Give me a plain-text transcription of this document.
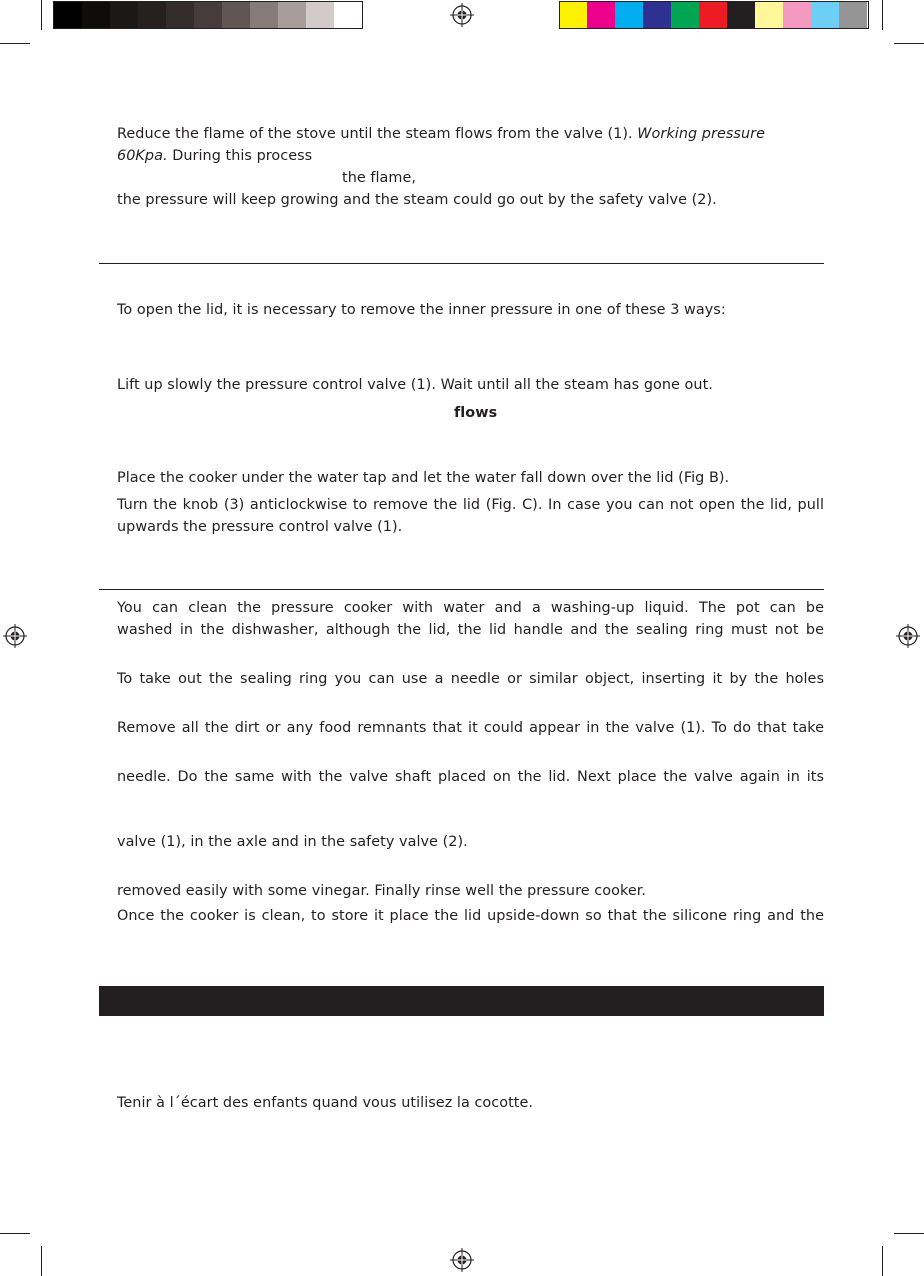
Reduce the flame of the stove until the steam flows from the valve (1). Working pressure
60Kpa. During this process
the flame,
the pressure will keep growing and the steam could go out by the safety valve (2).
To open the lid, it is necessary to remove the inner pressure in one of these 3 ways:
Lift up slowly the pressure control valve (1). Wait until all the steam has gone out.
flows
Place the cooker under the water tap and let the water fall down over the lid (Fig B).
Turn the knob (3) anticlockwise to remove the lid (Fig. C). In case you can not open the lid, pull
upwards the pressure control valve (1).
You can clean the pressure cooker with water and a washing-up liquid. The pot can be
washed in the dishwasher, although the lid, the lid handle and the sealing ring must not be
To take out the sealing ring you can use a needle or similar object, inserting it by the holes
Remove all the dirt or any food remnants that it could appear in the valve (1). To do that take
needle. Do the same with the valve shaft placed on the lid. Next place the valve again in its
valve (1), in the axle and in the safety valve (2).
removed easily with some vinegar. Finally rinse well the pressure cooker.
Once the cooker is clean, to store it place the lid upside-down so that the silicone ring and the
Tenir à l´écart des enfants quand vous utilisez la cocotte.
